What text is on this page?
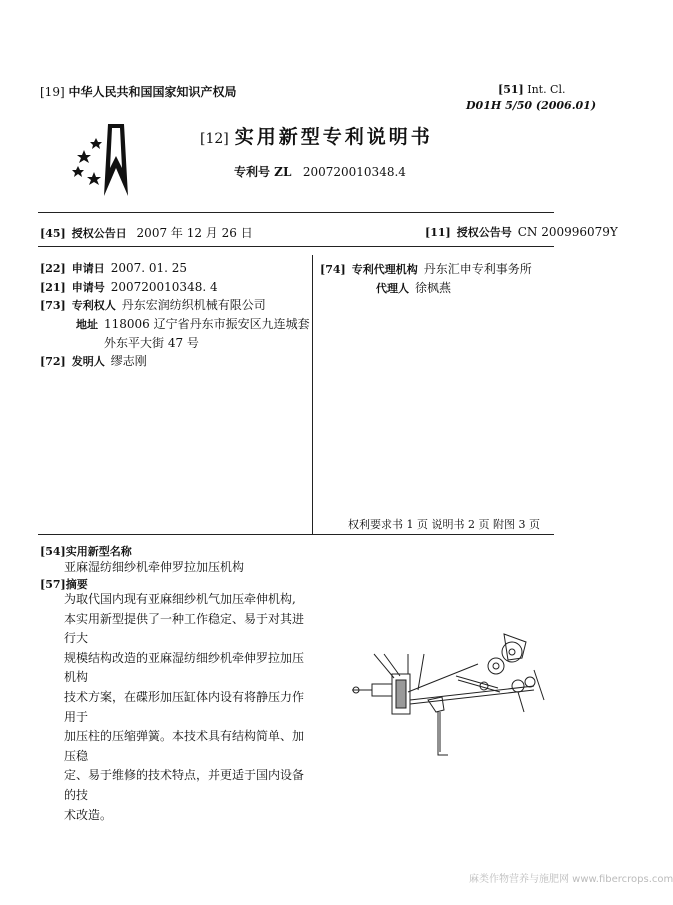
[19] 中华人民共和国国家知识产权局	[51] Int. Cl.
D01H 5/50 (2006.01)
[12] 实用新型专利说明书
专利号 ZL 200720010348.4
[45] 授权公告日 2007 年 12 月 26 日	[11] 授权公告号 CN 200996079Y
[22] 申请日 2007. 01. 25
[21] 申请号 200720010348. 4
[73] 专利权人 丹东宏润纺织机械有限公司
地址 118006 辽宁省丹东市振安区九连城套
外东平大街 47 号
[72] 发明人 缪志刚
[74] 专利代理机构 丹东汇申专利事务所
代理人 徐枫燕
权利要求书 1 页 说明书 2 页 附图 3 页
[54]实用新型名称
亚麻湿纺细纱机牵伸罗拉加压机构
[57]摘要
为取代国内现有亚麻细纱机气加压牵伸机构,
本实用新型提供了一种工作稳定、易于对其进行大
规模结构改造的亚麻湿纺细纱机牵伸罗拉加压机构
技术方案，在碟形加压缸体内设有将静压力作用于
加压柱的压缩弹簧。本技术具有结构简单、加压稳
定、易于维修的技术特点，并更适于国内设备的技
术改造。
麻类作物营养与施肥网 www.fibercrops.com
